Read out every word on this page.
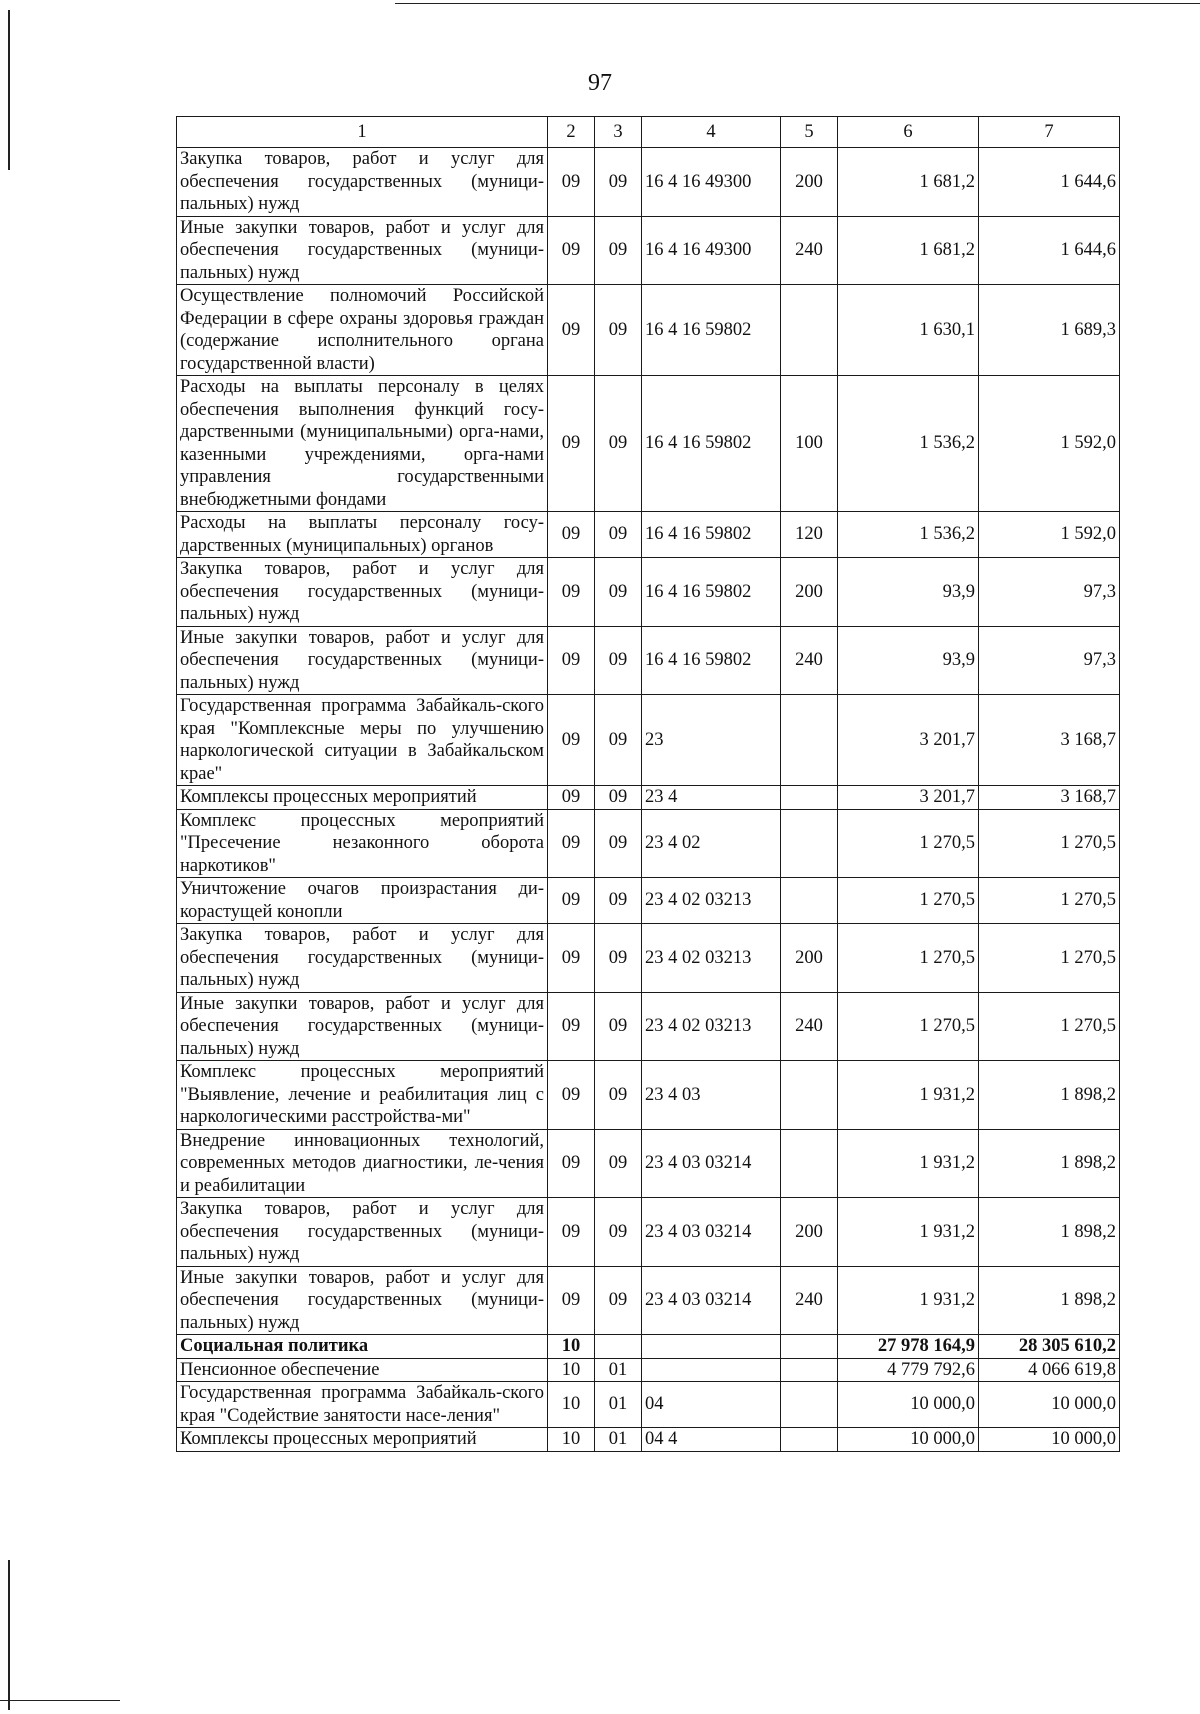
97
1	2	3	4	5	6	7
Закупка товаров, работ и услуг для обеспечения государственных (муници-​пальных) нужд	09	09	16 4 16 49300	200	1 681,2	1 644,6
Иные закупки товаров, работ и услуг для обеспечения государственных (муници-​пальных) нужд	09	09	16 4 16 49300	240	1 681,2	1 644,6
Осуществление полномочий Российской Федерации в сфере охраны здоровья граждан (содержание исполнительного органа государственной власти)	09	09	16 4 16 59802		1 630,1	1 689,3
Расходы на выплаты персоналу в целях обеспечения выполнения функций госу-​дарственными (муниципальными) орга-​нами, казенными учреждениями, орга-​нами управления государственными внебюджетными фондами	09	09	16 4 16 59802	100	1 536,2	1 592,0
Расходы на выплаты персоналу госу-​дарственных (муниципальных) органов	09	09	16 4 16 59802	120	1 536,2	1 592,0
Закупка товаров, работ и услуг для обеспечения государственных (муници-​пальных) нужд	09	09	16 4 16 59802	200	93,9	97,3
Иные закупки товаров, работ и услуг для обеспечения государственных (муници-​пальных) нужд	09	09	16 4 16 59802	240	93,9	97,3
Государственная программа Забайкаль-​ского края "Комплексные меры по улучшению наркологической ситуации в Забайкальском крае"	09	09	23		3 201,7	3 168,7
Комплексы процессных мероприятий	09	09	23 4		3 201,7	3 168,7
Комплекс процессных мероприятий "Пресечение незаконного оборота наркотиков"	09	09	23 4 02		1 270,5	1 270,5
Уничтожение очагов произрастания ди-​корастущей конопли	09	09	23 4 02 03213		1 270,5	1 270,5
Закупка товаров, работ и услуг для обеспечения государственных (муници-​пальных) нужд	09	09	23 4 02 03213	200	1 270,5	1 270,5
Иные закупки товаров, работ и услуг для обеспечения государственных (муници-​пальных) нужд	09	09	23 4 02 03213	240	1 270,5	1 270,5
Комплекс процессных мероприятий "Выявление, лечение и реабилитация лиц с наркологическими расстройства-​ми"	09	09	23 4 03		1 931,2	1 898,2
Внедрение инновационных технологий, современных методов диагностики, ле-​чения и реабилитации	09	09	23 4 03 03214		1 931,2	1 898,2
Закупка товаров, работ и услуг для обеспечения государственных (муници-​пальных) нужд	09	09	23 4 03 03214	200	1 931,2	1 898,2
Иные закупки товаров, работ и услуг для обеспечения государственных (муници-​пальных) нужд	09	09	23 4 03 03214	240	1 931,2	1 898,2
Социальная политика	10				27 978 164,9	28 305 610,2
Пенсионное обеспечение	10	01			4 779 792,6	4 066 619,8
Государственная программа Забайкаль-​ского края "Содействие занятости насе-​ления"	10	01	04		10 000,0	10 000,0
Комплексы процессных мероприятий	10	01	04 4		10 000,0	10 000,0
